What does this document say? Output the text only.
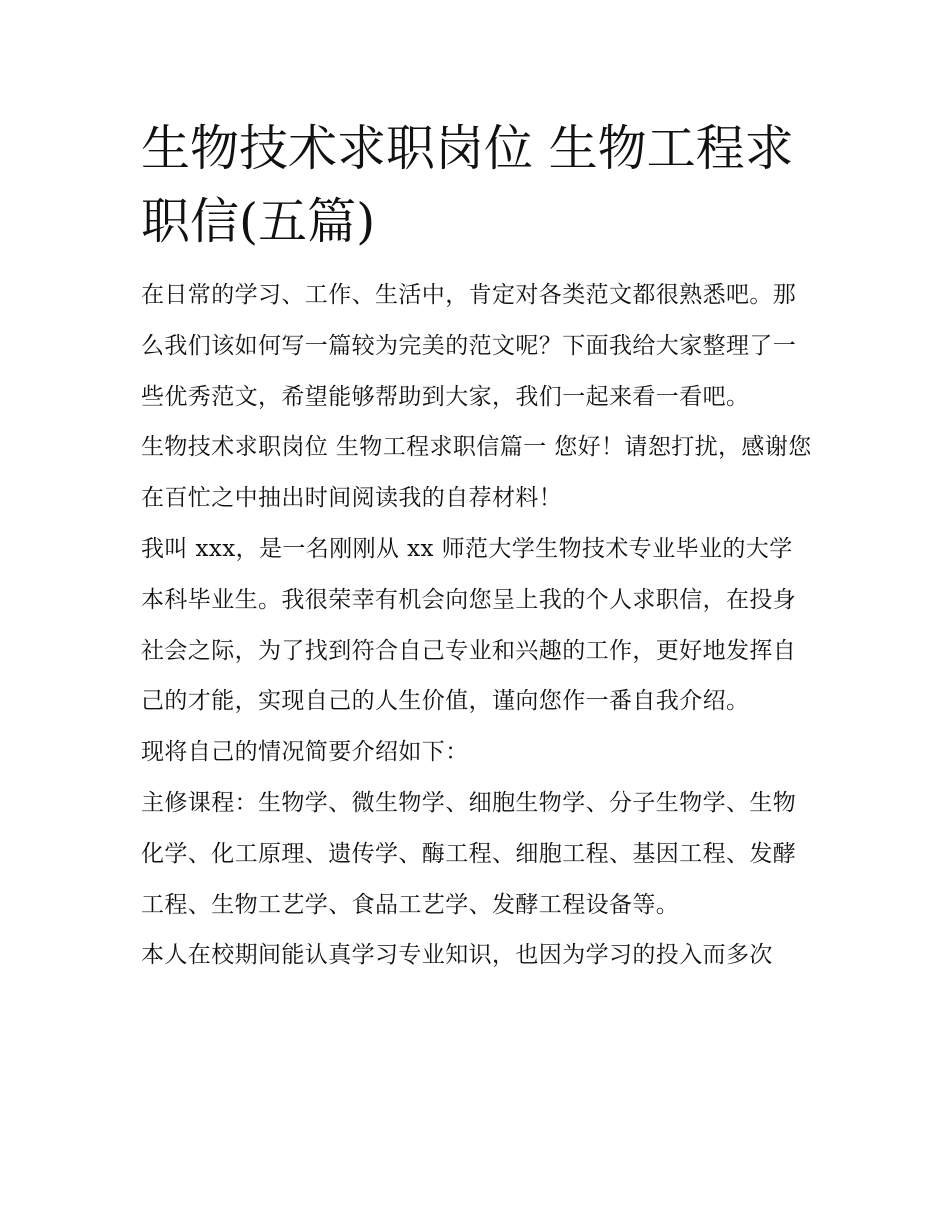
生物技术求职岗位 生物工程求职信(五篇)

在日常的学习、工作、生活中，肯定对各类范文都很熟悉吧。那么我们该如何写一篇较为完美的范文呢？下面我给大家整理了一些优秀范文，希望能够帮助到大家，我们一起来看一看吧。

生物技术求职岗位 生物工程求职信篇一 您好！请恕打扰，感谢您在百忙之中抽出时间阅读我的自荐材料！

我叫 xxx，是一名刚刚从 xx 师范大学生物技术专业毕业的大学本科毕业生。我很荣幸有机会向您呈上我的个人求职信，在投身社会之际，为了找到符合自己专业和兴趣的工作，更好地发挥自己的才能，实现自己的人生价值，谨向您作一番自我介绍。

现将自己的情况简要介绍如下：

主修课程：生物学、微生物学、细胞生物学、分子生物学、生物化学、化工原理、遗传学、酶工程、细胞工程、基因工程、发酵工程、生物工艺学、食品工艺学、发酵工程设备等。

本人在校期间能认真学习专业知识，也因为学习的投入而多次
